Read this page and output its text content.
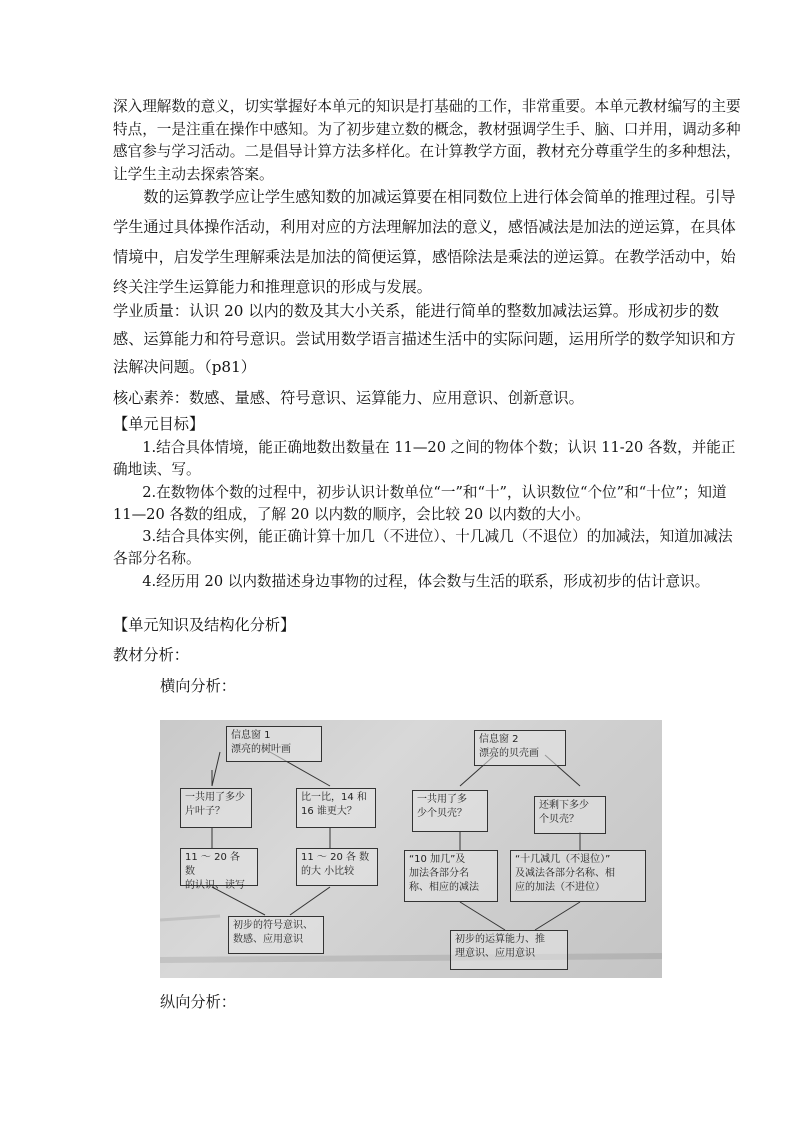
深入理解数的意义，切实掌握好本单元的知识是打基础的工作，非常重要。本单元教材编写的主要特点，一是注重在操作中感知。为了初步建立数的概念，教材强调学生手、脑、口并用，调动多种感官参与学习活动。二是倡导计算方法多样化。在计算教学方面，教材充分尊重学生的多种想法，让学生主动去探索答案。

数的运算教学应让学生感知数的加减运算要在相同数位上进行体会简单的推理过程。引导学生通过具体操作活动，利用对应的方法理解加法的意义，感悟减法是加法的逆运算，在具体情境中，启发学生理解乘法是加法的简便运算，感悟除法是乘法的逆运算。在教学活动中，始终关注学生运算能力和推理意识的形成与发展。

学业质量：认识 20 以内的数及其大小关系，能进行简单的整数加减法运算。形成初步的数感、运算能力和符号意识。尝试用数学语言描述生活中的实际问题，运用所学的数学知识和方法解决问题。（p81）

核心素养：数感、量感、符号意识、运算能力、应用意识、创新意识。

【单元目标】

1.结合具体情境，能正确地数出数量在 11—20 之间的物体个数；认识 11-20 各数，并能正确地读、写。

2.在数物体个数的过程中，初步认识计数单位“一”和“十”，认识数位“个位”和“十位”；知道 11—20 各数的组成，了解 20 以内数的顺序，会比较 20 以内数的大小。

3.结合具体实例，能正确计算十加几（不进位）、十几减几（不退位）的加减法，知道加减法各部分名称。

4.经历用 20 以内数描述身边事物的过程，体会数与生活的联系，形成初步的估计意识。

【单元知识及结构化分析】

教材分析：

横向分析：

信息窗 1
漂亮的树叶画
信息窗 2
漂亮的贝壳画
一共用了多少
片叶子？
比一比，14 和
16 谁更大？
一共用了多
少个贝壳？
还剩下多少
个贝壳？
11 ～ 20 各 数
的认识、读写
11 ～ 20 各 数
的大 小比较
“10 加几”及
加法各部分名
称、相应的减法
“十几减几（不退位）”
及减法各部分名称、相
应的加法（不进位）
初步的符号意识、
数感、应用意识	初步的运算能力、推
理意识、应用意识

纵向分析：
